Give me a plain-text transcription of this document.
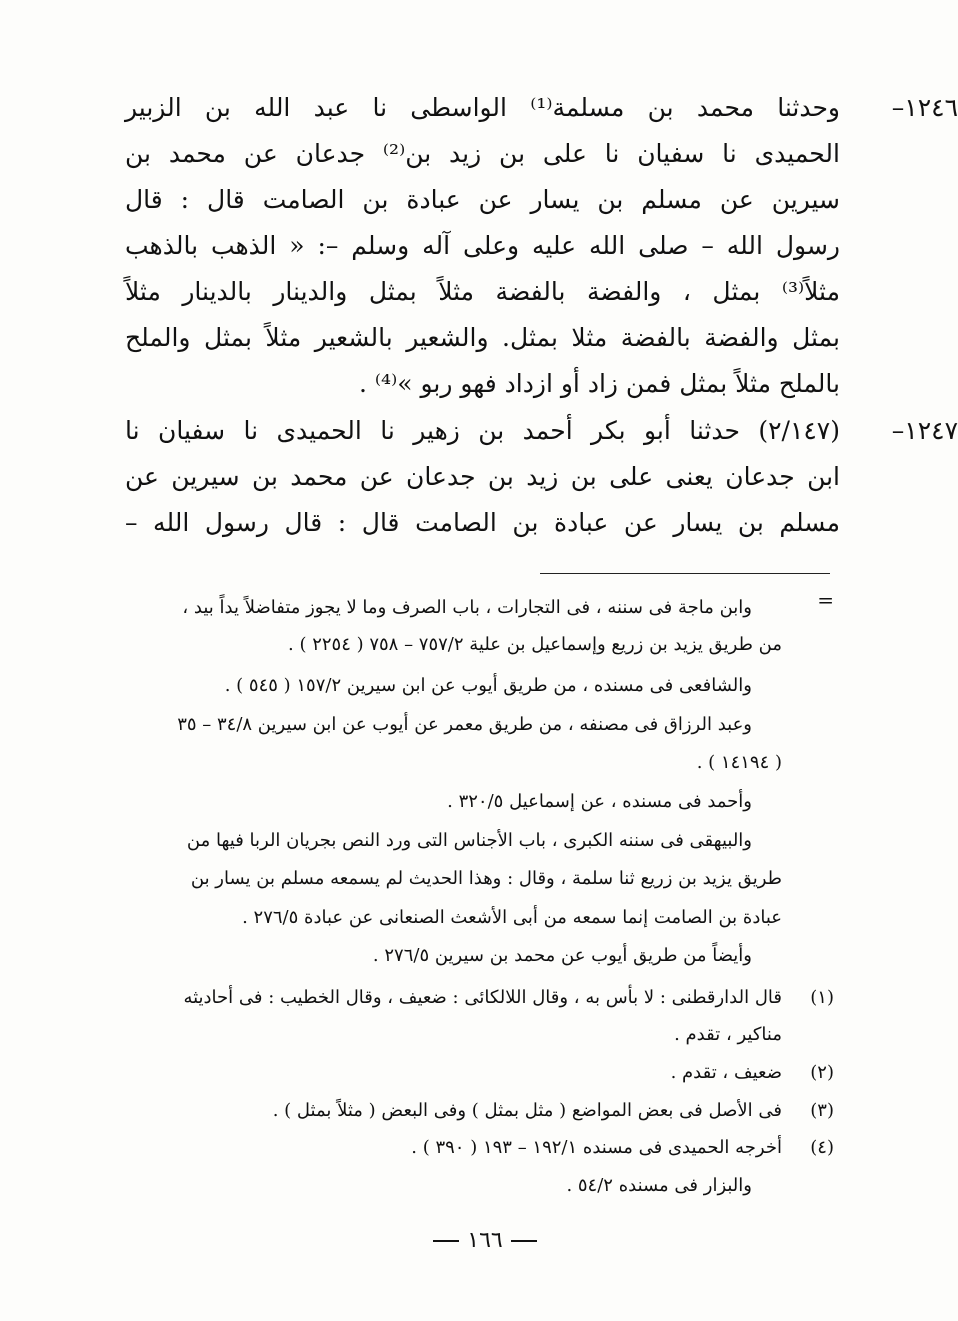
١٢٤٦–
وحدثنا محمد بن مسلمة⁽¹⁾ الواسطى نا عبد الله بن الزبير
الحميدى نا سفيان نا على بن زيد بن⁽²⁾ جدعان عن محمد بن
سيرين عن مسلم بن يسار عن عبادة بن الصامت قال : قال
رسول الله – صلى الله عليه وعلى آله وسلم –: « الذهب بالذهب
مثلاً⁽³⁾ بمثل ، والفضة بالفضة مثلاً بمثل والدينار بالدينار مثلاً
بمثل والفضة بالفضة مثلا بمثل. والشعير بالشعير مثلاً بمثل والملح
بالملح مثلاً بمثل فمن زاد أو ازداد فهو ربو »⁽⁴⁾ .
١٢٤٧–
(٢/١٤٧) حدثنا أبو بكر أحمد بن زهير نا الحميدى نا سفيان نا
ابن جدعان يعنى على بن زيد بن جدعان عن محمد بن سيرين عن
مسلم بن يسار عن عبادة بن الصامت قال : قال رسول الله –
=
وابن ماجة فى سننه ، فى التجارات ، باب الصرف وما لا يجوز متفاضلاً يداً بيد ،
من طريق يزيد بن زريع وإسماعيل بن علية ٧٥٧/٢ – ٧٥٨ ( ٢٢٥٤ ) .
والشافعى فى مسنده ، من طريق أيوب عن ابن سيرين ١٥٧/٢ ( ٥٤٥ ) .
وعبد الرزاق فى مصنفه ، من طريق معمر عن أيوب عن ابن سيرين ٣٤/٨ – ٣٥
( ١٤١٩٤ ) .
وأحمد فى مسنده ، عن إسماعيل ٣٢٠/٥ .
والبيهقى فى سننه الكبرى ، باب الأجناس التى ورد النص بجريان الربا فيها من
طريق يزيد بن زريع ثنا سلمة ، وقال : وهذا الحديث لم يسمعه مسلم بن يسار بن
عبادة بن الصامت إنما سمعه من أبى الأشعث الصنعانى عن عبادة ٢٧٦/٥ .
وأيضاً من طريق أيوب عن محمد بن سيرين ٢٧٦/٥ .
(١)
قال الدارقطنى : لا بأس به ، وقال اللالكائى : ضعيف ، وقال الخطيب : فى أحاديثه
مناكير ، تقدم .
(٢)
ضعيف ، تقدم .
(٣)
فى الأصل فى بعض المواضع ( مثل بمثل ) وفى البعض ( مثلاً بمثل ) .
(٤)
أخرجه الحميدى فى مسنده ١٩٢/١ – ١٩٣ ( ٣٩٠ ) .
والبزار فى مسنده ٥٤/٢ .
١٦٦
